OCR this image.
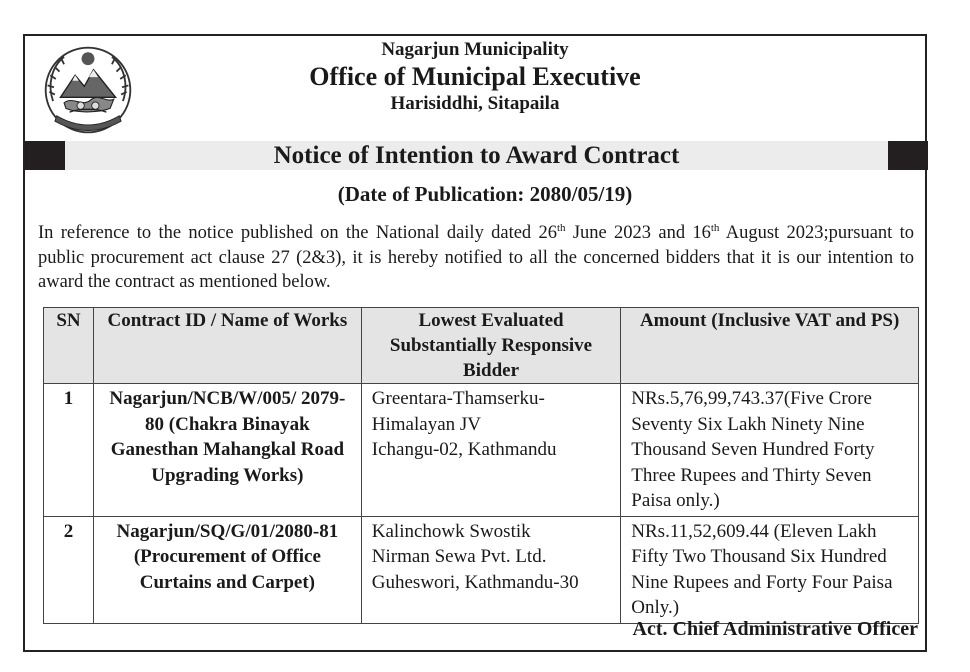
Nagarjun Municipality
Office of Municipal Executive
Harisiddhi, Sitapaila
Notice of Intention to Award Contract
(Date of Publication: 2080/05/19)
In reference to the notice published on the National daily dated 26th June 2023 and 16th August 2023;pursuant to public procurement act clause 27 (2&3), it is hereby notified to all the concerned bidders that it is our intention to award the contract as mentioned below.
SN	Contract ID / Name of Works	Lowest Evaluated Substantially Responsive Bidder	Amount (Inclusive VAT and PS)
1	Nagarjun/NCB/W/005/ 2079-80 (Chakra Binayak Ganesthan Mahangkal Road Upgrading Works)	Greentara-Thamserku-
Himalayan JV
Ichangu-02, Kathmandu	NRs.5,76,99,743.37(Five Crore Seventy Six Lakh Ninety Nine Thousand Seven Hundred Forty Three Rupees and Thirty Seven Paisa only.)
2	Nagarjun/SQ/G/01/2080-81 (Procurement of Office Curtains and Carpet)	Kalinchowk Swostik
Nirman Sewa Pvt. Ltd.
Guheswori, Kathmandu-30	NRs.11,52,609.44 (Eleven Lakh Fifty Two Thousand Six Hundred Nine Rupees and Forty Four Paisa Only.)
Act. Chief Administrative Officer
